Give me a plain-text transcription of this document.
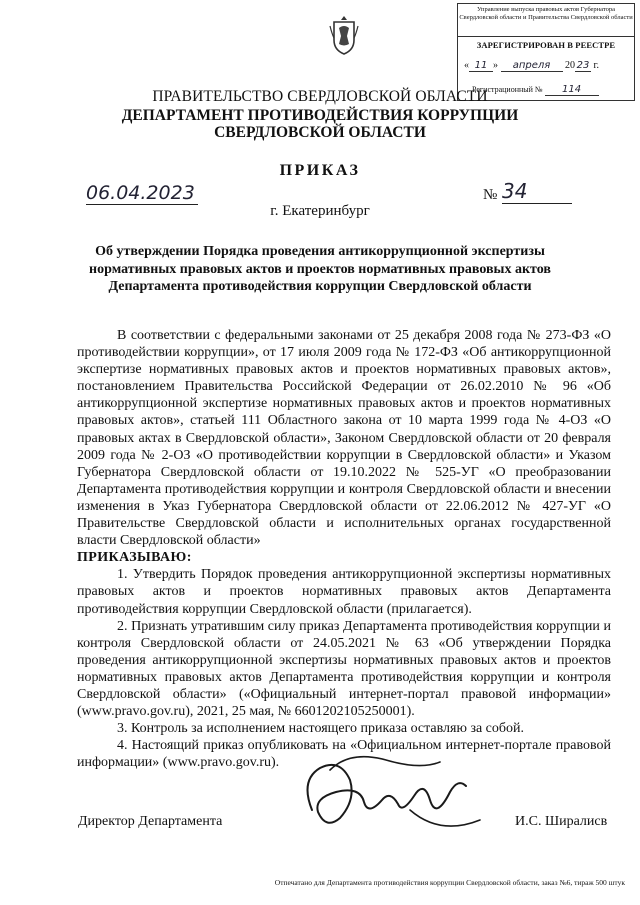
Управление выпуска правовых актов Губернатора Свердловской области и Правительства Свердловской области
ЗАРЕГИСТРИРОВАН В РЕЕСТРЕ
« 11 » апреля 20 23 г.
Регистрационный № 114
ПРАВИТЕЛЬСТВО СВЕРДЛОВСКОЙ ОБЛАСТИ
ДЕПАРТАМЕНТ ПРОТИВОДЕЙСТВИЯ КОРРУПЦИИ
СВЕРДЛОВСКОЙ ОБЛАСТИ
ПРИКАЗ
06.04.2023	№ 34
г. Екатеринбург
Об утверждении Порядка проведения антикоррупционной экспертизы нормативных правовых актов и проектов нормативных правовых актов Департамента противодействия коррупции Свердловской области

В соответствии с федеральными законами от 25 декабря 2008 года № 273-ФЗ «О противодействии коррупции», от 17 июля 2009 года № 172-ФЗ «Об антикоррупционной экспертизе нормативных правовых актов и проектов нормативных правовых актов», постановлением Правительства Российской Федерации от 26.02.2010 № 96 «Об антикоррупционной экспертизе нормативных правовых актов и проектов нормативных правовых актов», статьей 111 Областного закона от 10 марта 1999 года № 4-ОЗ «О правовых актах в Свердловской области», Законом Свердловской области от 20 февраля 2009 года № 2-ОЗ «О противодействии коррупции в Свердловской области» и Указом Губернатора Свердловской области от 19.10.2022 № 525-УГ «О преобразовании Департамента противодействия коррупции и контроля Свердловской области и внесении изменения в Указ Губернатора Свердловской области от 22.06.2012 № 427-УГ «О Правительстве Свердловской области и исполнительных органах государственной власти Свердловской области»

ПРИКАЗЫВАЮ:

1. Утвердить Порядок проведения антикоррупционной экспертизы нормативных правовых актов и проектов нормативных правовых актов Департамента противодействия коррупции Свердловской области (прилагается).

2. Признать утратившим силу приказ Департамента противодействия коррупции и контроля Свердловской области от 24.05.2021 № 63 «Об утверждении Порядка проведения антикоррупционной экспертизы нормативных правовых актов и проектов нормативных правовых актов Департамента противодействия коррупции и контроля Свердловской области» («Официальный интернет-портал правовой информации» (www.pravo.gov.ru), 2021, 25 мая, № 6601202105250001).

3. Контроль за исполнением настоящего приказа оставляю за собой.

4. Настоящий приказ опубликовать на «Официальном интернет-портале правовой информации» (www.pravo.gov.ru).

Директор Департамента	И.С. Ширалисв
Отпечатано для Департамента противодействия коррупции Свердловской области, заказ №6, тираж 500 штук
